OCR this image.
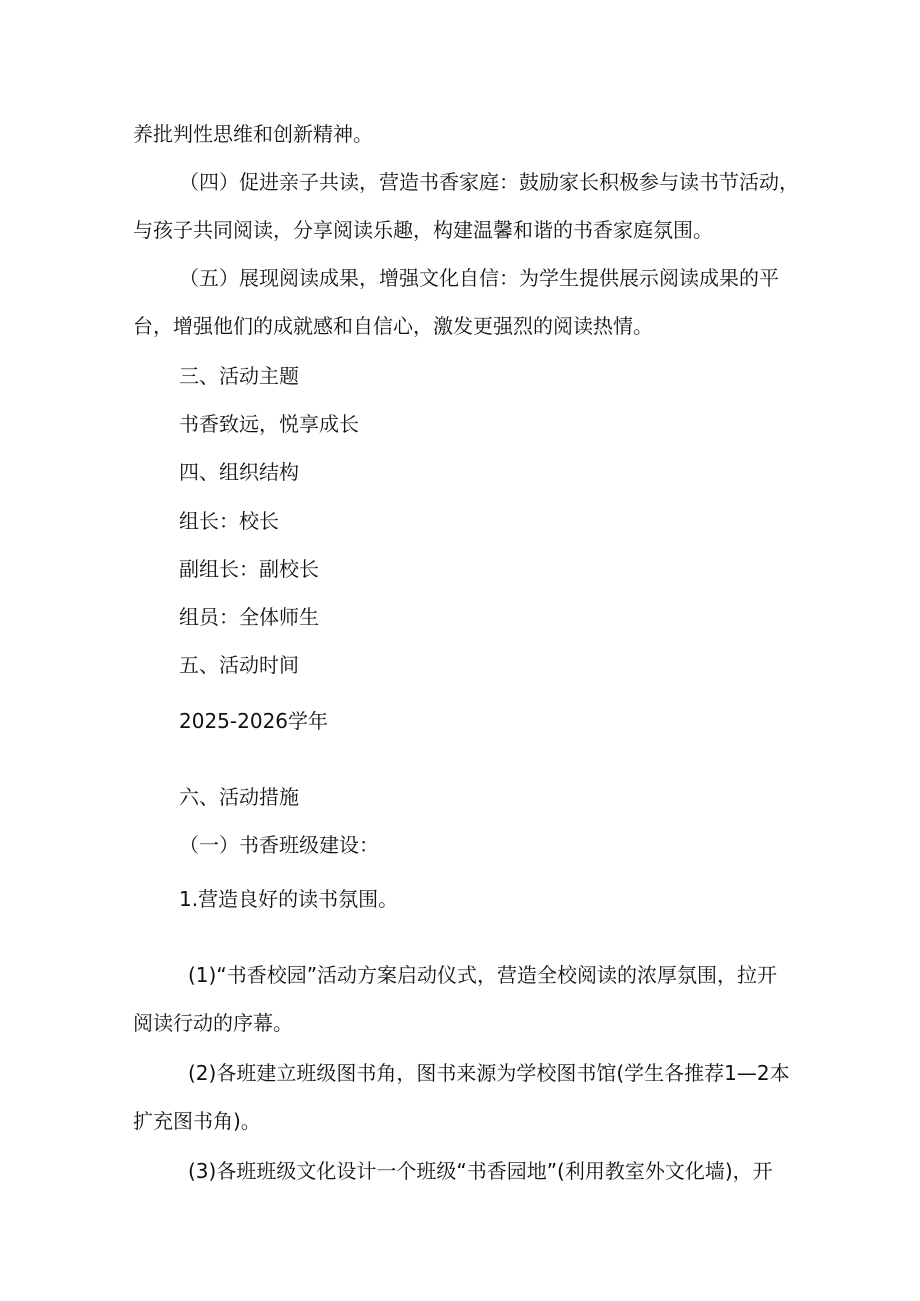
养批判性思维和创新精神。
（四）促进亲子共读，营造书香家庭：鼓励家长积极参与读书节活动，
与孩子共同阅读，分享阅读乐趣，构建温馨和谐的书香家庭氛围。
（五）展现阅读成果，增强文化自信：为学生提供展示阅读成果的平
台，增强他们的成就感和自信心，激发更强烈的阅读热情。
三、活动主题
书香致远，悦享成长
四、组织结构
组长：校长
副组长：副校长
组员：全体师生
五、活动时间
2025-2026学年
六、活动措施
（一）书香班级建设：
1.营造良好的读书氛围。
(1)“书香校园”活动方案启动仪式，营造全校阅读的浓厚氛围，拉开
阅读行动的序幕。
(2)各班建立班级图书角，图书来源为学校图书馆(学生各推荐1—2本
扩充图书角)。
(3)各班班级文化设计一个班级“书香园地”(利用教室外文化墙)，开
